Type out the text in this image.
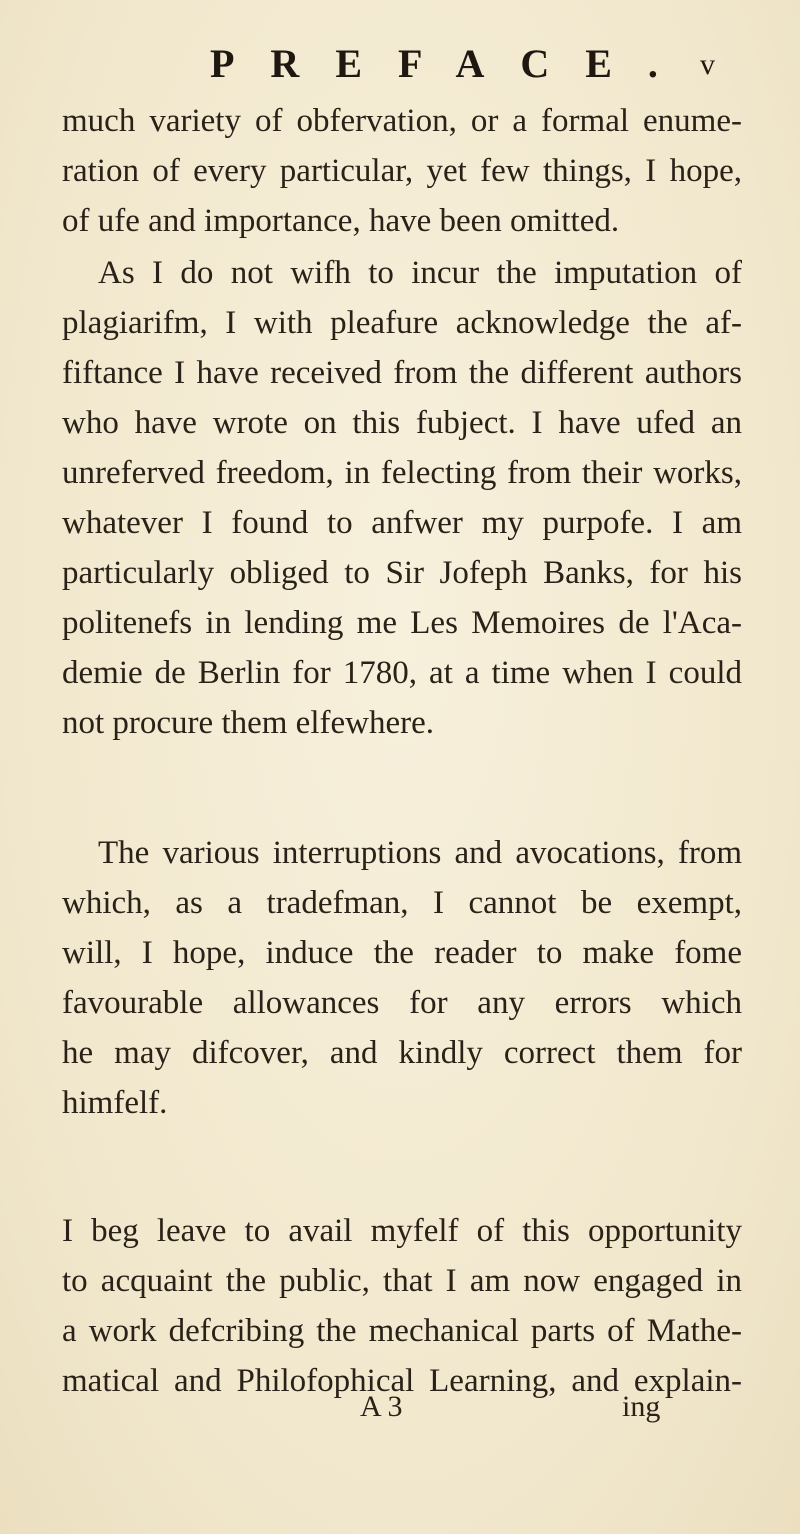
PREFACE. v
much variety of obfervation, or a formal enume-
ration of every particular, yet few things, I hope,
of ufe and importance, have been omitted.
As I do not wifh to incur the imputation of
plagiarifm, I with pleafure acknowledge the af-
fiftance I have received from the different authors
who have wrote on this fubject. I have ufed an
unreferved freedom, in felecting from their works,
whatever I found to anfwer my purpofe. I am
particularly obliged to Sir Jofeph Banks, for his
politenefs in lending me Les Memoires de l'Aca-
demie de Berlin for 1780, at a time when I could
not procure them elfewhere.
The various interruptions and avocations, from
which, as a tradefman, I cannot be exempt,
will, I hope, induce the reader to make fome
favourable allowances for any errors which
he may difcover, and kindly correct them for
himfelf.
I beg leave to avail myfelf of this opportunity
to acquaint the public, that I am now engaged in
a work defcribing the mechanical parts of Mathe-
matical and Philofophical Learning, and explain-
A 3	ing
